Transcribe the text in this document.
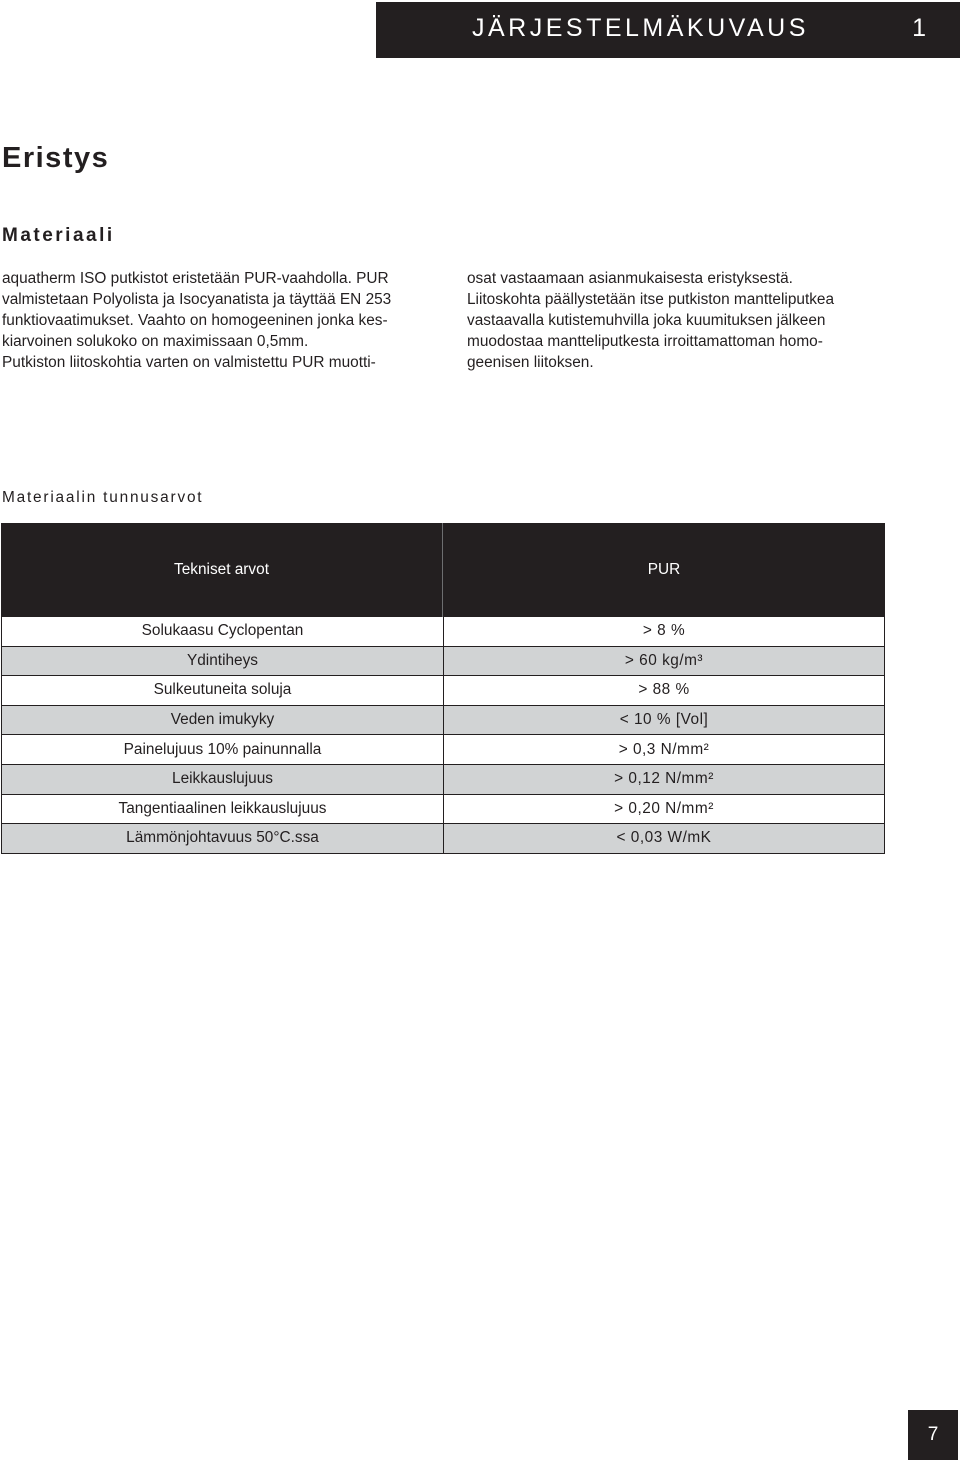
JÄRJESTELMÄKUVAUS	1
Eristys
Materiaali
aquatherm ISO putkistot eristetään PUR-vaahdolla. PUR
valmistetaan Polyolista ja Isocyanatista ja täyttää EN 253
funktiovaatimukset. Vaahto on homogeeninen jonka kes-
kiarvoinen solukoko on maximissaan 0,5mm.
Putkiston liitoskohtia varten on valmistettu PUR muotti-
osat vastaamaan asianmukaisesta eristyksestä.
Liitoskohta päällystetään itse putkiston mantteliputkea
vastaavalla kutistemuhvilla joka kuumituksen jälkeen
muodostaa mantteliputkesta irroittamattoman homo-
geenisen liitoksen.

Materiaalin tunnusarvot

Tekniset arvot	PUR
Solukaasu Cyclopentan	> 8 %
Ydintiheys	> 60 kg/m³
Sulkeutuneita soluja	> 88 %
Veden imukyky	< 10 % [Vol]
Painelujuus 10% painunnalla	> 0,3 N/mm²
Leikkauslujuus	> 0,12 N/mm²
Tangentiaalinen leikkauslujuus	> 0,20 N/mm²
Lämmönjohtavuus 50°C.ssa	< 0,03 W/mK
7
